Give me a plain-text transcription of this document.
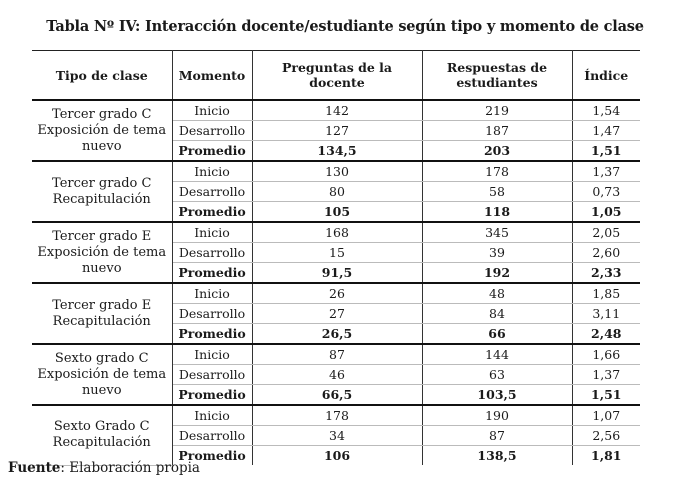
Tabla Nº IV: Interacción docente/estudiante según tipo y momento de clase
Tipo de clase	Momento	Preguntas de la docente	Respuestas de estudiantes	Índice

Tercer grado C
Exposición de tema nuevo	Inicio	142	219	1,54
	Desarrollo	127	187	1,47
	Promedio	134,5	203	1,51

Tercer grado C
Recapitulación	Inicio	130	178	1,37
	Desarrollo	80	58	0,73
	Promedio	105	118	1,05

Tercer grado E
Exposición de tema nuevo	Inicio	168	345	2,05
	Desarrollo	15	39	2,60
	Promedio	91,5	192	2,33

Tercer grado E
Recapitulación	Inicio	26	48	1,85
	Desarrollo	27	84	3,11
	Promedio	26,5	66	2,48

Sexto grado C
Exposición de tema nuevo	Inicio	87	144	1,66
	Desarrollo	46	63	1,37
	Promedio	66,5	103,5	1,51

Sexto Grado C
Recapitulación	Inicio	178	190	1,07
	Desarrollo	34	87	2,56
	Promedio	106	138,5	1,81
Fuente: Elaboración propia
